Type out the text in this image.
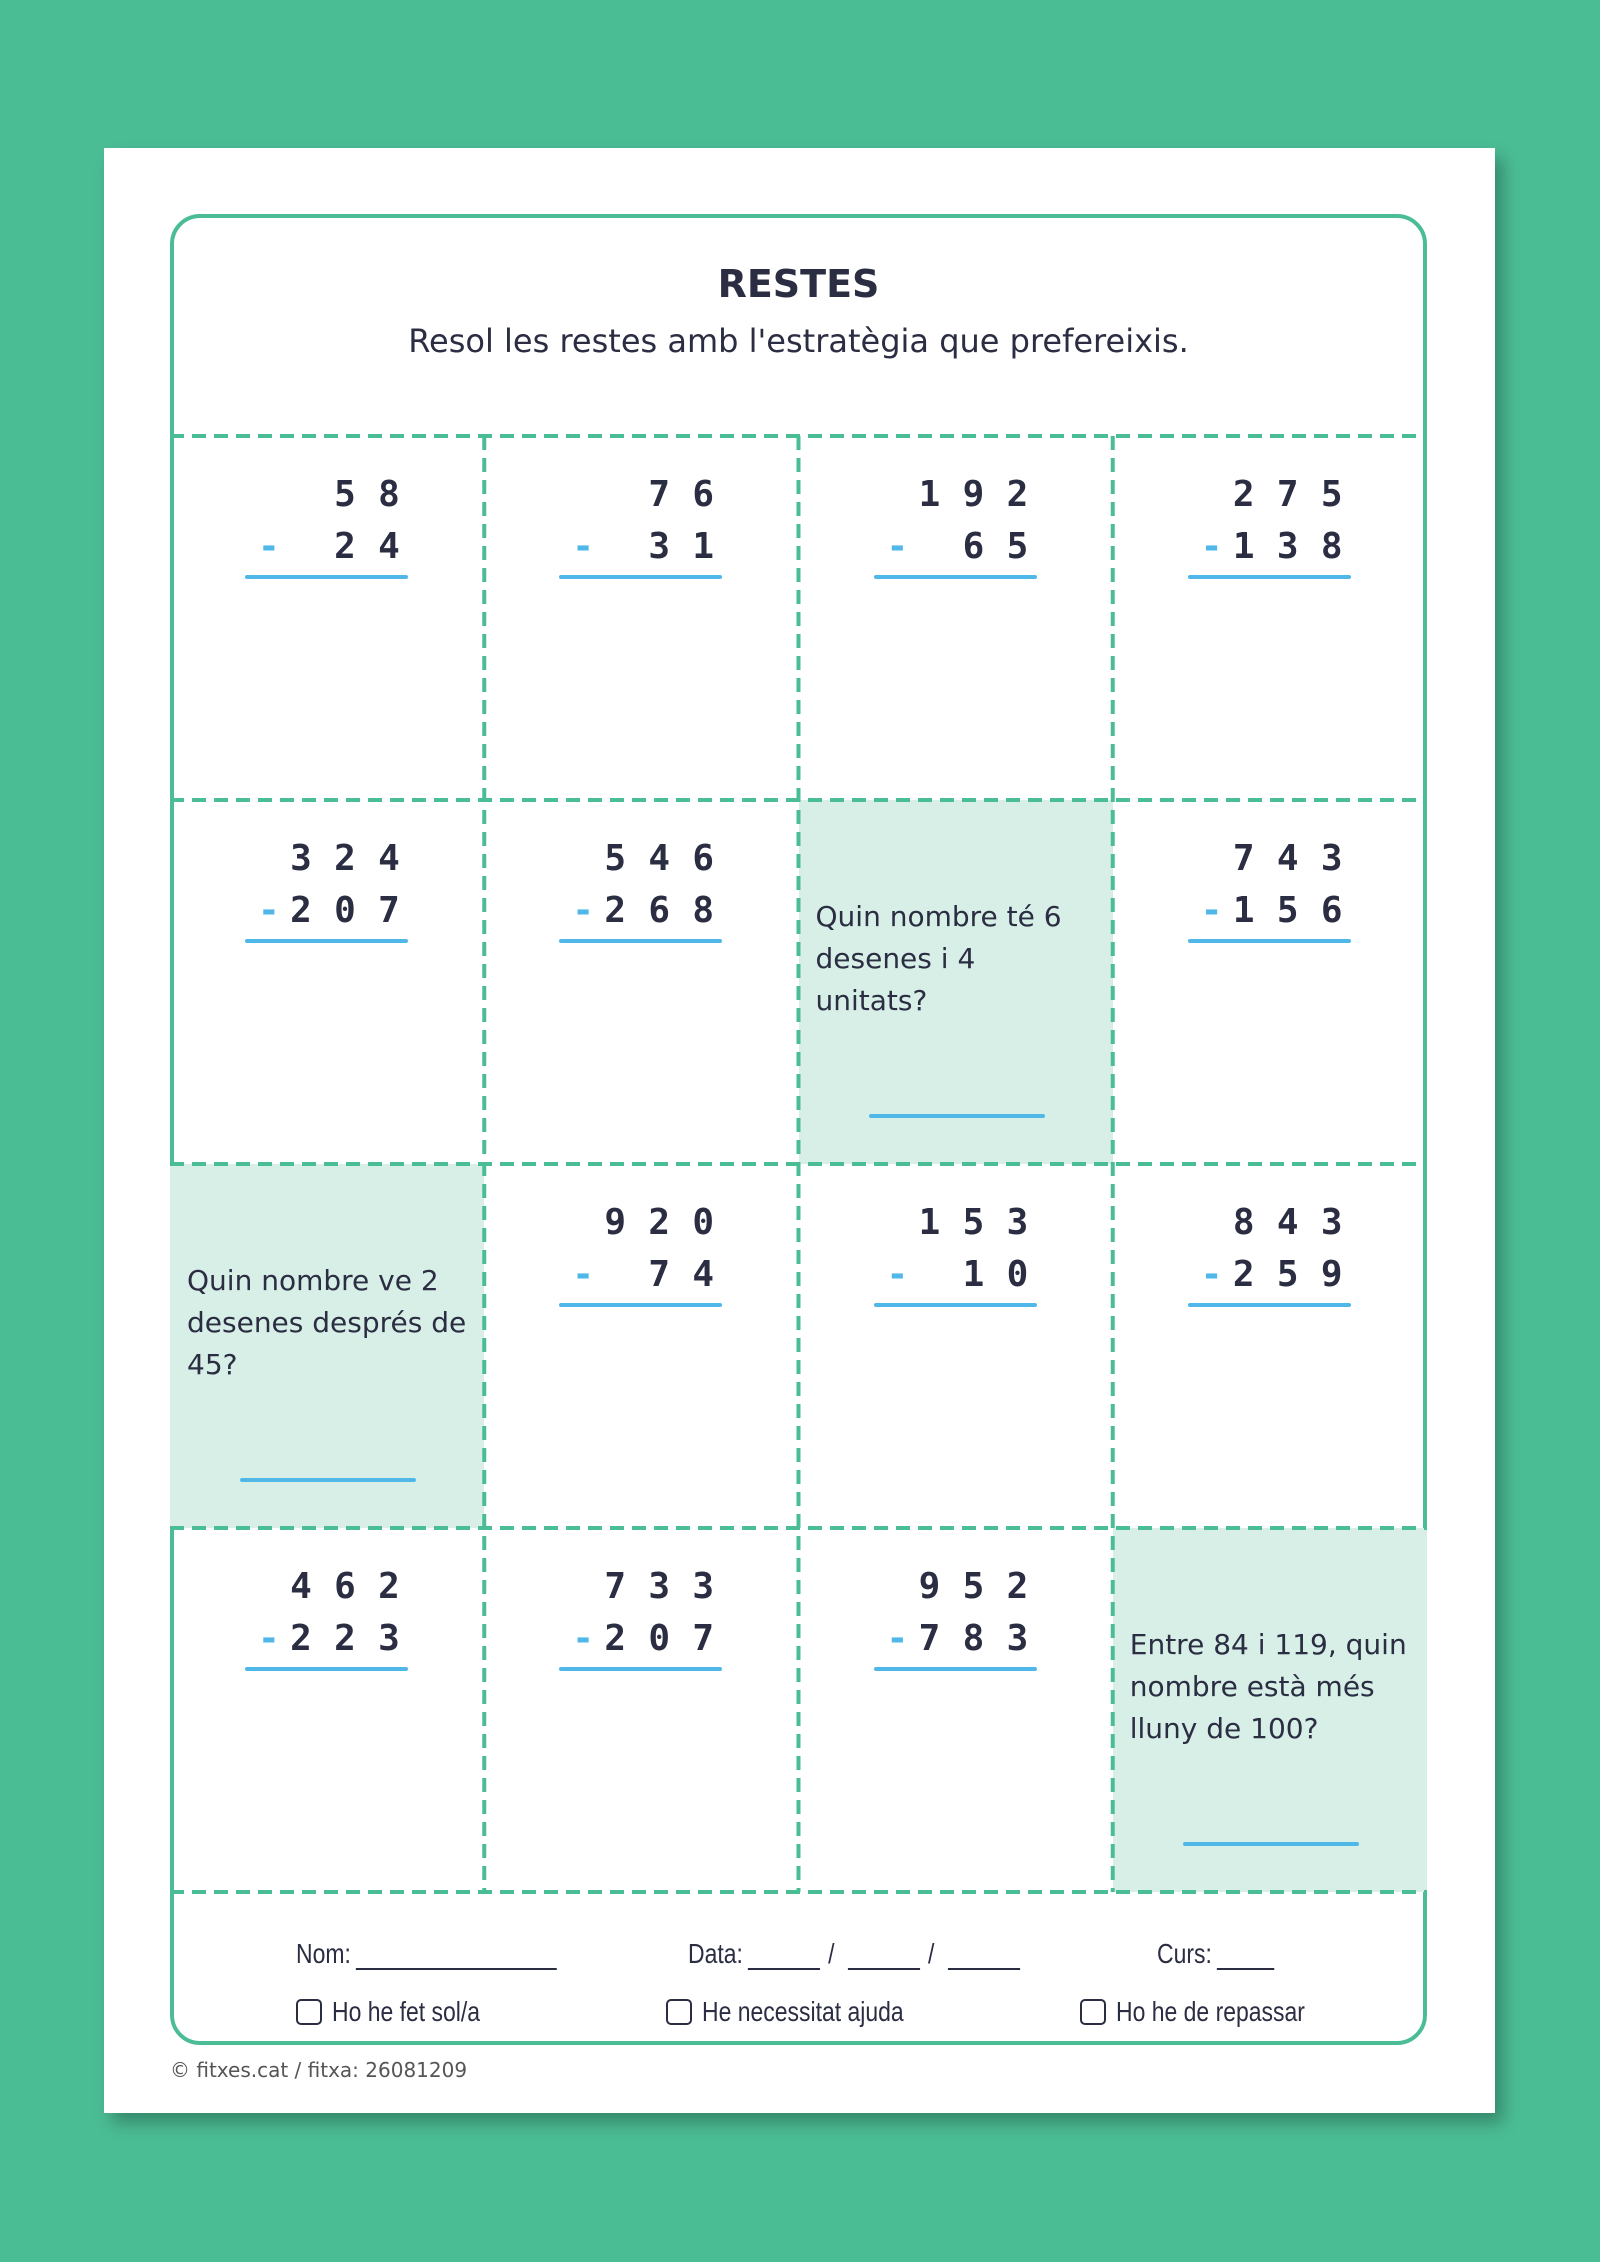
RESTES
Resol les restes amb l'estratègia que prefereixis.
Entre 84 i 119, quin nombre està més lluny de 100?
9 5 2
7 8 3
-
7 3 3
2 0 7
-
4 6 2
2 2 3
-
8 4 3
2 5 9
-
1 5 3
1 0
-
9 2 0
7 4
-
Quin nombre ve 2 desenes després de 45?
7 4 3
1 5 6
-
Quin nombre té 6 desenes i 4 unitats?
5 4 6
2 6 8
-
3 2 4
2 0 7
-
2 7 5
1 3 8
-
1 9 2
6 5
-
7 6
3 1
-
5 8
2 4
-
Nom:	Data:	/	/	Curs:
Ho he fet sol/a	He necessitat ajuda	Ho he de repassar
© fitxes.cat / fitxa: 26081209
